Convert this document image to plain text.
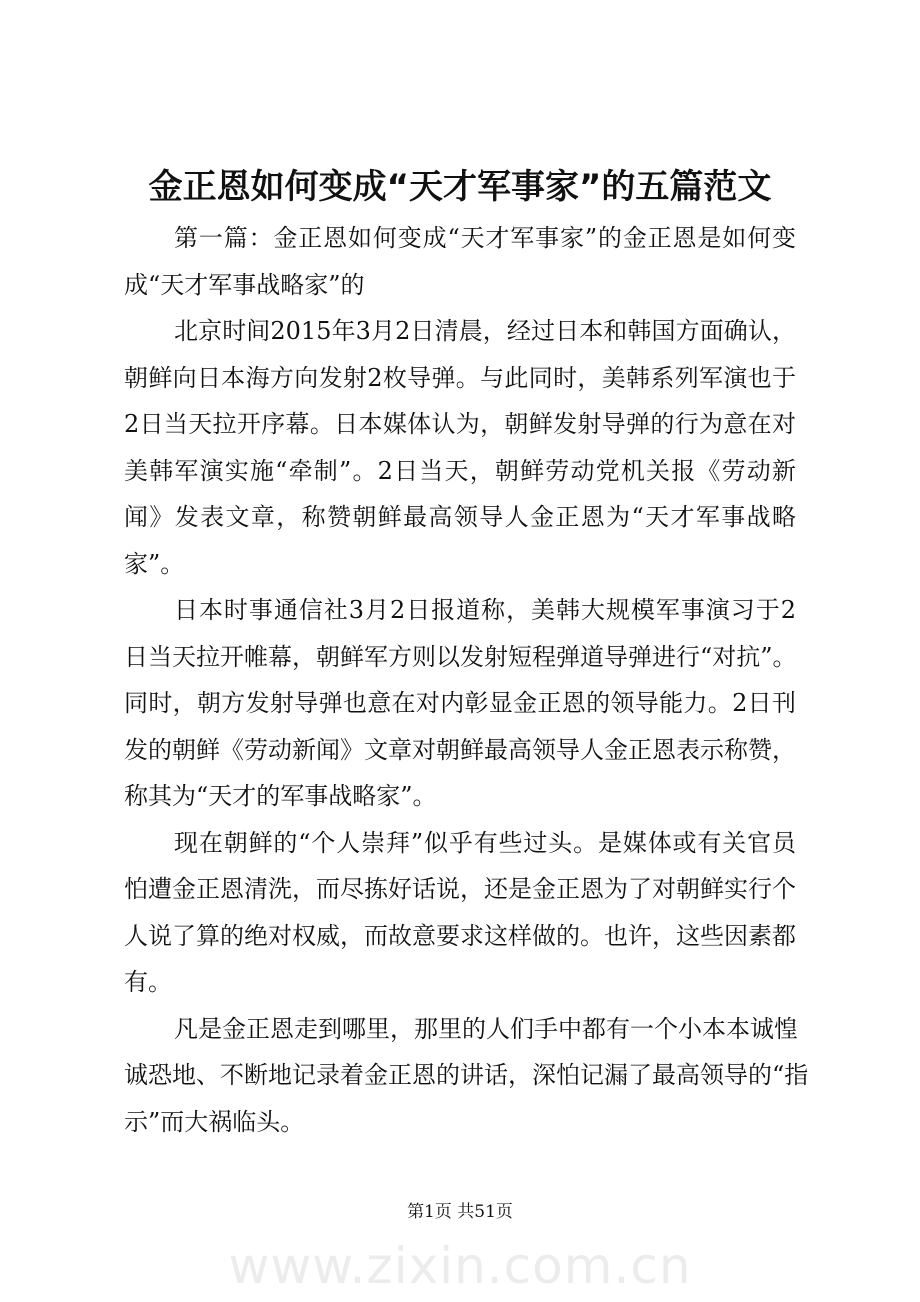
金正恩如何变成“天才军事家”的五篇范文
第一篇：金正恩如何变成“天才军事家”的金正恩是如何变
成“天才军事战略家”的
北京时间2015年3月2日清晨，经过日本和韩国方面确认，
朝鲜向日本海方向发射2枚导弹。与此同时，美韩系列军演也于
2日当天拉开序幕。日本媒体认为，朝鲜发射导弹的行为意在对
美韩军演实施“牵制”。2日当天，朝鲜劳动党机关报《劳动新
闻》发表文章，称赞朝鲜最高领导人金正恩为“天才军事战略
家”。
日本时事通信社3月2日报道称，美韩大规模军事演习于2
日当天拉开帷幕，朝鲜军方则以发射短程弹道导弹进行“对抗”。
同时，朝方发射导弹也意在对内彰显金正恩的领导能力。2日刊
发的朝鲜《劳动新闻》文章对朝鲜最高领导人金正恩表示称赞，
称其为“天才的军事战略家”。
现在朝鲜的“个人崇拜”似乎有些过头。是媒体或有关官员
怕遭金正恩清洗，而尽拣好话说，还是金正恩为了对朝鲜实行个
人说了算的绝对权威，而故意要求这样做的。也许，这些因素都
有。
凡是金正恩走到哪里，那里的人们手中都有一个小本本诚惶
诚恐地、不断地记录着金正恩的讲话，深怕记漏了最高领导的“指
示”而大祸临头。
第1页 共51页
www.zixin.com.cn
